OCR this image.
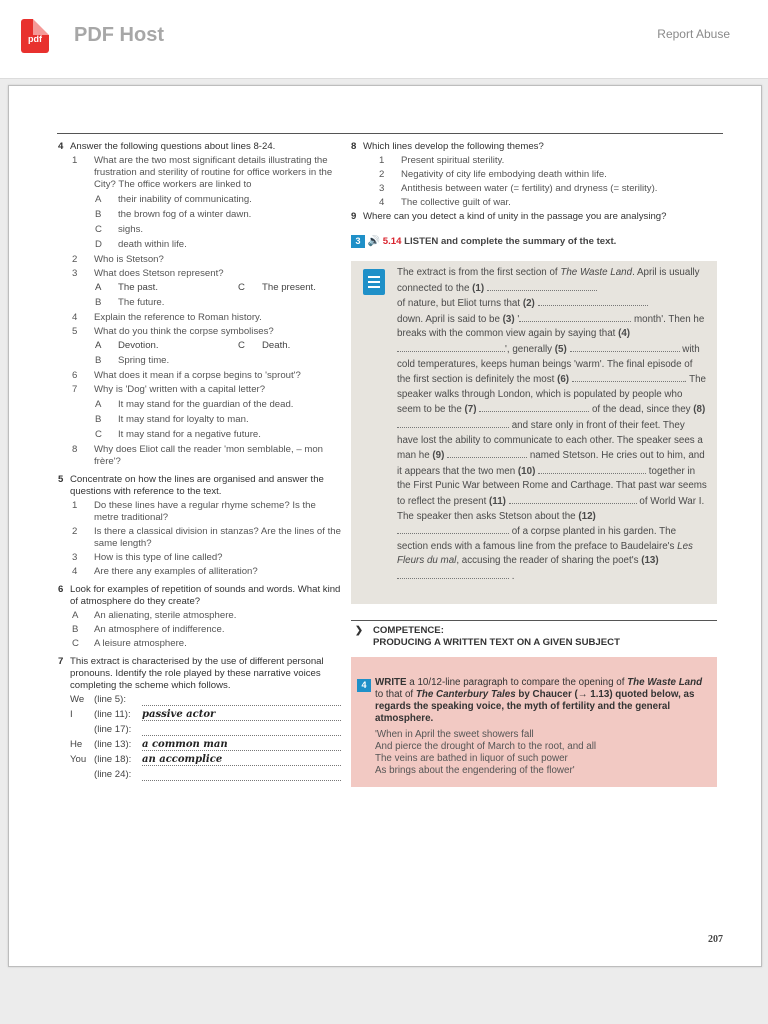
pdf	PDF Host	Report Abuse
207
4 Answer the following questions about lines 8-24.
1 What are the two most significant details illustrating the frustration and sterility of routine for office workers in the City? The office workers are linked to
A their inability of communicating.
B the brown fog of a winter dawn.
C sighs.
D death within life.
2 Who is Stetson?
3 What does Stetson represent?
A The past.	C The present.
B The future.
4 Explain the reference to Roman history.
5 What do you think the corpse symbolises?
A Devotion.	C Death.
B Spring time.
6 What does it mean if a corpse begins to 'sprout'?
7 Why is 'Dog' written with a capital letter?
A It may stand for the guardian of the dead.
B It may stand for loyalty to man.
C It may stand for a negative future.
8 Why does Eliot call the reader 'mon semblable, – mon frère'?
5 Concentrate on how the lines are organised and answer the questions with reference to the text.
1 Do these lines have a regular rhyme scheme? Is the metre traditional?
2 Is there a classical division in stanzas? Are the lines of the same length?
3 How is this type of line called?
4 Are there any examples of alliteration?
6 Look for examples of repetition of sounds and words. What kind of atmosphere do they create?
A An alienating, sterile atmosphere.
B An atmosphere of indifference.
C A leisure atmosphere.
7 This extract is characterised by the use of different personal pronouns. Identify the role played by these narrative voices completing the scheme which follows.
We	(line 5):
I	(line 11):	passive actor
(line 17):
He	(line 13):	a common man
You (line 18):	an accomplice
(line 24):
8 Which lines develop the following themes?
1 Present spiritual sterility.
2 Negativity of city life embodying death within life.
3 Antithesis between water (= fertility) and dryness (= sterility).
4 The collective guilt of war.
9 Where can you detect a kind of unity in the passage you are analysing?
3 🔊 5.14 LISTEN and complete the summary of the text.
The extract is from the first section of The Waste Land. April is usually connected to the (1)
of nature, but Eliot turns that (2)
down. April is said to be (3) '	month'. Then he breaks with the common view again by saying that (4) ', generally (5)	with cold temperatures, keeps human beings 'warm'. The final episode of the first section is definitely the most (6)	. The speaker walks through London, which is populated by people who seem to be the (7)	of the dead, since they (8)  and stare only in front of their feet. They have lost the ability to communicate to each other. The speaker sees a man he (9)	named Stetson. He cries out to him, and it appears that the two men (10)	together in the First Punic War between Rome and Carthage. That past war seems to reflect the present (11)	of World War I. The speaker then asks Stetson about the (12)  of a corpse planted in his garden. The section ends with a famous line from the preface to Baudelaire's Les Fleurs du mal, accusing the reader of sharing the poet's (13)  .
❯ COMPETENCE:
PRODUCING A WRITTEN TEXT ON A GIVEN SUBJECT
4 WRITE a 10/12-line paragraph to compare the opening of The Waste Land to that of The Canterbury Tales by Chaucer (→ 1.13) quoted below, as regards the speaking voice, the myth of fertility and the general atmosphere.
'When in April the sweet showers fall
And pierce the drought of March to the root, and all
The veins are bathed in liquor of such power
As brings about the engendering of the flower'
